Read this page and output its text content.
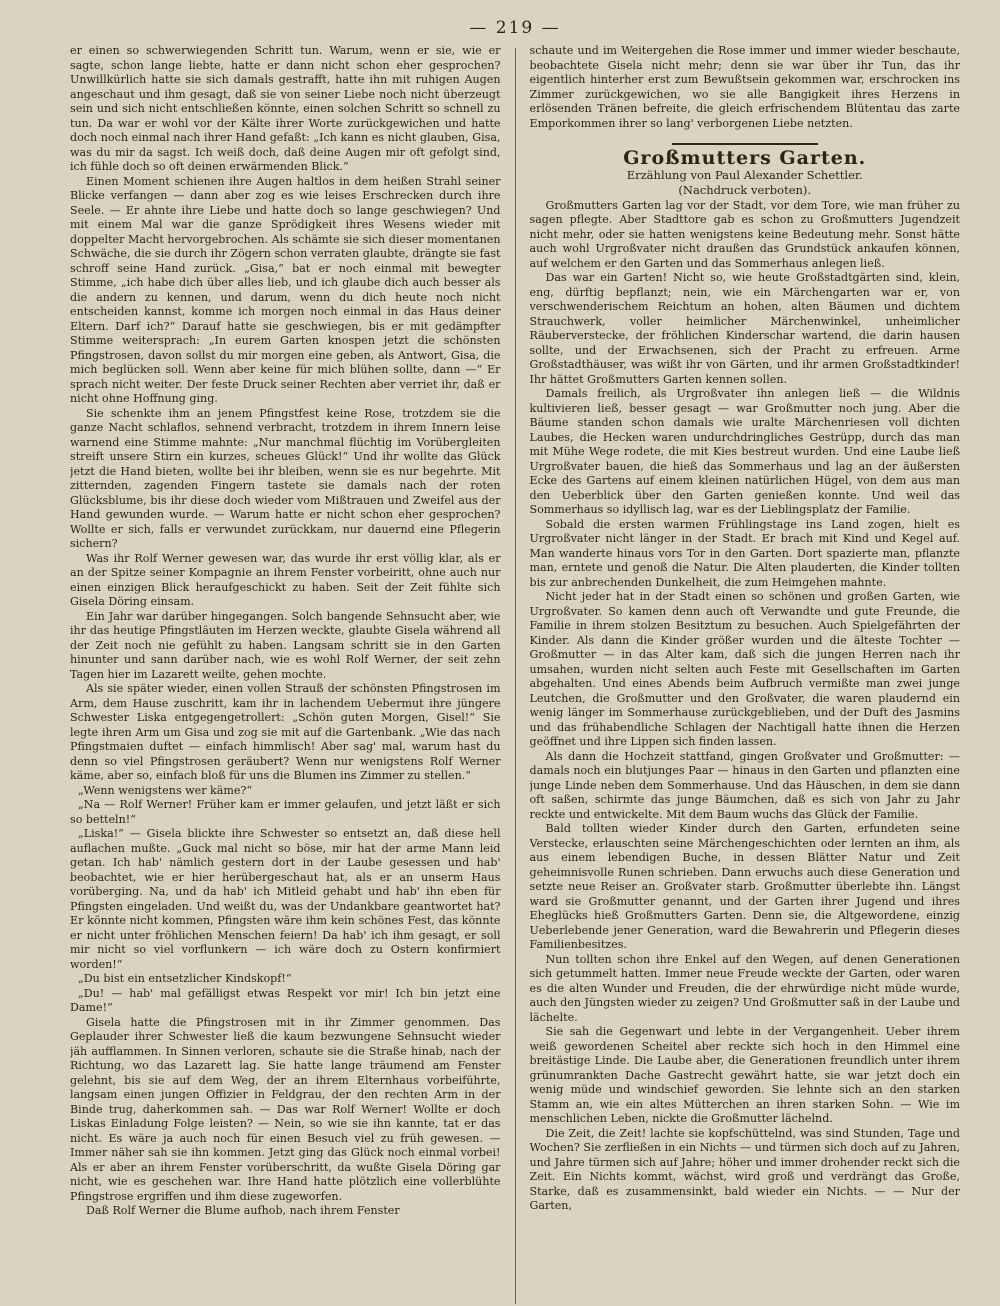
— 219 —

er einen so schwerwiegenden Schritt tun. Warum, wenn er sie, wie er sagte, schon lange liebte, hatte er dann nicht schon eher gesprochen? Unwillkürlich hatte sie sich damals gestrafft, hatte ihn mit ruhigen Augen angeschaut und ihm gesagt, daß sie von seiner Liebe noch nicht überzeugt sein und sich nicht entschließen könnte, einen solchen Schritt so schnell zu tun. Da war er wohl vor der Kälte ihrer Worte zurückgewichen und hatte doch noch einmal nach ihrer Hand gefaßt: „Ich kann es nicht glauben, Gisa, was du mir da sagst. Ich weiß doch, daß deine Augen mir oft gefolgt sind, ich fühle doch so oft deinen erwärmenden Blick.“

Einen Moment schienen ihre Augen haltlos in dem heißen Strahl seiner Blicke verfangen — dann aber zog es wie leises Erschrecken durch ihre Seele. — Er ahnte ihre Liebe und hatte doch so lange geschwiegen? Und mit einem Mal war die ganze Sprödigkeit ihres Wesens wieder mit doppelter Macht hervorgebrochen. Als schämte sie sich dieser momentanen Schwäche, die sie durch ihr Zögern schon verraten glaubte, drängte sie fast schroff seine Hand zurück. „Gisa,“ bat er noch einmal mit bewegter Stimme, „ich habe dich über alles lieb, und ich glaube dich auch besser als die andern zu kennen, und darum, wenn du dich heute noch nicht entscheiden kannst, komme ich morgen noch einmal in das Haus deiner Eltern. Darf ich?“ Darauf hatte sie geschwiegen, bis er mit gedämpfter Stimme weitersprach: „In eurem Garten knospen jetzt die schönsten Pfingstrosen, davon sollst du mir morgen eine geben, als Antwort, Gisa, die mich beglücken soll. Wenn aber keine für mich blühen sollte, dann —“ Er sprach nicht weiter. Der feste Druck seiner Rechten aber verriet ihr, daß er nicht ohne Hoffnung ging.

Sie schenkte ihm an jenem Pfingstfest keine Rose, trotzdem sie die ganze Nacht schlaflos, sehnend verbracht, trotzdem in ihrem Innern leise warnend eine Stimme mahnte: „Nur manchmal flüchtig im Vorübergleiten streift unsere Stirn ein kurzes, scheues Glück!“ Und ihr wollte das Glück jetzt die Hand bieten, wollte bei ihr bleiben, wenn sie es nur begehrte. Mit zitternden, zagenden Fingern tastete sie damals nach der roten Glücksblume, bis ihr diese doch wieder vom Mißtrauen und Zweifel aus der Hand gewunden wurde. — Warum hatte er nicht schon eher gesprochen? Wollte er sich, falls er verwundet zurückkam, nur dauernd eine Pflegerin sichern?

Was ihr Rolf Werner gewesen war, das wurde ihr erst völlig klar, als er an der Spitze seiner Kompagnie an ihrem Fenster vorbeiritt, ohne auch nur einen einzigen Blick heraufgeschickt zu haben. Seit der Zeit fühlte sich Gisela Döring einsam.

Ein Jahr war darüber hingegangen. Solch bangende Sehnsucht aber, wie ihr das heutige Pfingstläuten im Herzen weckte, glaubte Gisela während all der Zeit noch nie gefühlt zu haben. Langsam schritt sie in den Garten hinunter und sann darüber nach, wie es wohl Rolf Werner, der seit zehn Tagen hier im Lazarett weilte, gehen mochte.

Als sie später wieder, einen vollen Strauß der schönsten Pfingstrosen im Arm, dem Hause zuschritt, kam ihr in lachendem Uebermut ihre jüngere Schwester Liska entgegengetrollert: „Schön guten Morgen, Gisel!“ Sie legte ihren Arm um Gisa und zog sie mit auf die Gartenbank. „Wie das nach Pfingstmaien duftet — einfach himmlisch! Aber sag' mal, warum hast du denn so viel Pfingstrosen geräubert? Wenn nur wenigstens Rolf Werner käme, aber so, einfach bloß für uns die Blumen ins Zimmer zu stellen.“

„Wenn wenigstens wer käme?“

„Na — Rolf Werner! Früher kam er immer gelaufen, und jetzt läßt er sich so betteln!“

„Liska!“ — Gisela blickte ihre Schwester so entsetzt an, daß diese hell auflachen mußte. „Guck mal nicht so böse, mir hat der arme Mann leid getan. Ich hab' nämlich gestern dort in der Laube gesessen und hab' beobachtet, wie er hier herübergeschaut hat, als er an unserm Haus vorüberging. Na, und da hab' ich Mitleid gehabt und hab' ihn eben für Pfingsten eingeladen. Und weißt du, was der Undankbare geantwortet hat? Er könnte nicht kommen, Pfingsten wäre ihm kein schönes Fest, das könnte er nicht unter fröhlichen Menschen feiern! Da hab' ich ihm gesagt, er soll mir nicht so viel vorflunkern — ich wäre doch zu Ostern konfirmiert worden!“

„Du bist ein entsetzlicher Kindskopf!“

„Du! — hab' mal gefälligst etwas Respekt vor mir! Ich bin jetzt eine Dame!“

Gisela hatte die Pfingstrosen mit in ihr Zimmer genommen. Das Geplauder ihrer Schwester ließ die kaum bezwungene Sehnsucht wieder jäh aufflammen. In Sinnen verloren, schaute sie die Straße hinab, nach der Richtung, wo das Lazarett lag. Sie hatte lange träumend am Fenster gelehnt, bis sie auf dem Weg, der an ihrem Elternhaus vorbeiführte, langsam einen jungen Offizier in Feldgrau, der den rechten Arm in der Binde trug, daherkommen sah. — Das war Rolf Werner! Wollte er doch Liskas Einladung Folge leisten? — Nein, so wie sie ihn kannte, tat er das nicht. Es wäre ja auch noch für einen Besuch viel zu früh gewesen. — Immer näher sah sie ihn kommen. Jetzt ging das Glück noch einmal vorbei! Als er aber an ihrem Fenster vorüberschritt, da wußte Gisela Döring gar nicht, wie es geschehen war. Ihre Hand hatte plötzlich eine vollerblühte Pfingstrose ergriffen und ihm diese zugeworfen.

Daß Rolf Werner die Blume aufhob, nach ihrem Fenster

schaute und im Weitergehen die Rose immer und immer wieder beschaute, beobachtete Gisela nicht mehr; denn sie war über ihr Tun, das ihr eigentlich hinterher erst zum Bewußtsein gekommen war, erschrocken ins Zimmer zurückgewichen, wo sie alle Bangigkeit ihres Herzens in erlösenden Tränen befreite, die gleich erfrischendem Blütentau das zarte Emporkommen ihrer so lang' verborgenen Liebe netzten.

Großmutters Garten.
Erzählung von Paul Alexander Schettler.
(Nachdruck verboten).

Großmutters Garten lag vor der Stadt, vor dem Tore, wie man früher zu sagen pflegte. Aber Stadttore gab es schon zu Großmutters Jugendzeit nicht mehr, oder sie hatten wenigstens keine Bedeutung mehr. Sonst hätte auch wohl Urgroßvater nicht draußen das Grundstück ankaufen können, auf welchem er den Garten und das Sommerhaus anlegen ließ.

Das war ein Garten! Nicht so, wie heute Großstadtgärten sind, klein, eng, dürftig bepflanzt; nein, wie ein Märchengarten war er, von verschwenderischem Reichtum an hohen, alten Bäumen und dichtem Strauchwerk, voller heimlicher Märchenwinkel, unheimlicher Räuberverstecke, der fröhlichen Kinderschar wartend, die darin hausen sollte, und der Erwachsenen, sich der Pracht zu erfreuen. Arme Großstadthäuser, was wißt ihr von Gärten, und ihr armen Großstadtkinder! Ihr hättet Großmutters Garten kennen sollen.

Damals freilich, als Urgroßvater ihn anlegen ließ — die Wildnis kultivieren ließ, besser gesagt — war Großmutter noch jung. Aber die Bäume standen schon damals wie uralte Märchenriesen voll dichten Laubes, die Hecken waren undurchdringliches Gestrüpp, durch das man mit Mühe Wege rodete, die mit Kies bestreut wurden. Und eine Laube ließ Urgroßvater bauen, die hieß das Sommerhaus und lag an der äußersten Ecke des Gartens auf einem kleinen natürlichen Hügel, von dem aus man den Ueberblick über den Garten genießen konnte. Und weil das Sommerhaus so idyllisch lag, war es der Lieblingsplatz der Familie.

Sobald die ersten warmen Frühlingstage ins Land zogen, hielt es Urgroßvater nicht länger in der Stadt. Er brach mit Kind und Kegel auf. Man wanderte hinaus vors Tor in den Garten. Dort spazierte man, pflanzte man, erntete und genoß die Natur. Die Alten plauderten, die Kinder tollten bis zur anbrechenden Dunkelheit, die zum Heimgehen mahnte.

Nicht jeder hat in der Stadt einen so schönen und großen Garten, wie Urgroßvater. So kamen denn auch oft Verwandte und gute Freunde, die Familie in ihrem stolzen Besitztum zu besuchen. Auch Spielgefährten der Kinder. Als dann die Kinder größer wurden und die älteste Tochter — Großmutter — in das Alter kam, daß sich die jungen Herren nach ihr umsahen, wurden nicht selten auch Feste mit Gesellschaften im Garten abgehalten. Und eines Abends beim Aufbruch vermißte man zwei junge Leutchen, die Großmutter und den Großvater, die waren plaudernd ein wenig länger im Sommerhause zurückgeblieben, und der Duft des Jasmins und das frühabendliche Schlagen der Nachtigall hatte ihnen die Herzen geöffnet und ihre Lippen sich finden lassen.

Als dann die Hochzeit stattfand, gingen Großvater und Großmutter: — damals noch ein blutjunges Paar — hinaus in den Garten und pflanzten eine junge Linde neben dem Sommerhause. Und das Häuschen, in dem sie dann oft saßen, schirmte das junge Bäumchen, daß es sich von Jahr zu Jahr reckte und entwickelte. Mit dem Baum wuchs das Glück der Familie.

Bald tollten wieder Kinder durch den Garten, erfundeten seine Verstecke, erlauschten seine Märchengeschichten oder lernten an ihm, als aus einem lebendigen Buche, in dessen Blätter Natur und Zeit geheimnisvolle Runen schrieben. Dann erwuchs auch diese Generation und setzte neue Reiser an. Großvater starb. Großmutter überlebte ihn. Längst ward sie Großmutter genannt, und der Garten ihrer Jugend und ihres Eheglücks hieß Großmutters Garten. Denn sie, die Altgewordene, einzig Ueberlebende jener Generation, ward die Bewahrerin und Pflegerin dieses Familienbesitzes.

Nun tollten schon ihre Enkel auf den Wegen, auf denen Generationen sich getummelt hatten. Immer neue Freude weckte der Garten, oder waren es die alten Wunder und Freuden, die der ehrwürdige nicht müde wurde, auch den Jüngsten wieder zu zeigen? Und Großmutter saß in der Laube und lächelte.

Sie sah die Gegenwart und lebte in der Vergangenheit. Ueber ihrem weiß gewordenen Scheitel aber reckte sich hoch in den Himmel eine breitästige Linde. Die Laube aber, die Generationen freundlich unter ihrem grünumrankten Dache Gastrecht gewährt hatte, sie war jetzt doch ein wenig müde und windschief geworden. Sie lehnte sich an den starken Stamm an, wie ein altes Mütterchen an ihren starken Sohn. — Wie im menschlichen Leben, nickte die Großmutter lächelnd.

Die Zeit, die Zeit! lachte sie kopfschüttelnd, was sind Stunden, Tage und Wochen? Sie zerfließen in ein Nichts — und türmen sich doch auf zu Jahren, und Jahre türmen sich auf Jahre; höher und immer drohender reckt sich die Zeit. Ein Nichts kommt, wächst, wird groß und verdrängt das Große, Starke, daß es zusammensinkt, bald wieder ein Nichts. — — Nur der Garten,
